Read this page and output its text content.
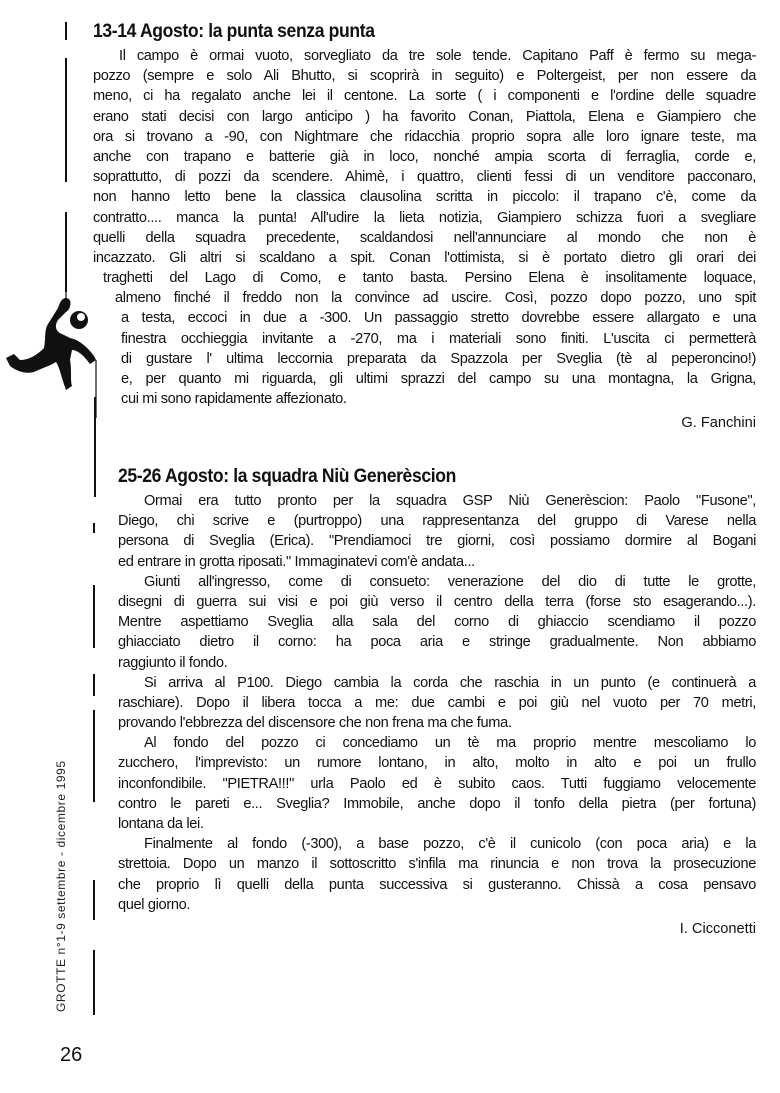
13-14 Agosto: la punta senza punta
Il campo è ormai vuoto, sorvegliato da tre sole tende. Capitano Paff è fermo su mega-
pozzo (sempre e solo Ali Bhutto, si scoprirà in seguito) e Poltergeist, per non essere da
meno, ci ha regalato anche lei il centone. La sorte ( i componenti e l'ordine delle squadre
erano stati decisi con largo anticipo ) ha favorito Conan, Piattola, Elena e Giampiero che
ora si trovano a -90, con Nightmare che ridacchia proprio sopra alle loro ignare teste, ma
anche con trapano e batterie già in loco, nonché ampia scorta di ferraglia, corde e,
soprattutto, di pozzi da scendere. Ahimè, i quattro, clienti fessi di un venditore pacconaro,
non hanno letto bene la classica clausolina scritta in piccolo: il trapano c'è, come da
contratto.... manca la punta! All'udire la lieta notizia, Giampiero schizza fuori a svegliare
quelli della squadra precedente, scaldandosi nell'annunciare al mondo che non è
incazzato. Gli altri si scaldano a spit. Conan l'ottimista, si è portato dietro gli orari dei
traghetti del Lago di Como, e tanto basta. Persino Elena è insolitamente loquace,
almeno finché il freddo non la convince ad uscire. Così, pozzo dopo pozzo, uno spit
a testa, eccoci in due a -300. Un passaggio stretto dovrebbe essere allargato e una
finestra occhieggia invitante a -270, ma i materiali sono finiti. L'uscita ci permetterà
di gustare l' ultima leccornia preparata da Spazzola per Sveglia (tè al peperoncino!)
e, per quanto mi riguarda, gli ultimi sprazzi del campo su una montagna, la Grigna,
cui mi sono rapidamente affezionato.
G. Fanchini
25-26 Agosto: la squadra Niù Generèscion
Ormai era tutto pronto per la squadra GSP Niù Generèscion: Paolo "Fusone",
Diego, chi scrive e (purtroppo) una rappresentanza del gruppo di Varese nella
persona di Sveglia (Erica). "Prendiamoci tre giorni, così possiamo dormire al Bogani
ed entrare in grotta riposati." Immaginatevi com'è andata...
Giunti all'ingresso, come di consueto: venerazione del dio di tutte le grotte,
disegni di guerra sui visi e poi giù verso il centro della terra (forse sto esagerando...).
Mentre aspettiamo Sveglia alla sala del corno di ghiaccio scendiamo il pozzo
ghiacciato dietro il corno: ha poca aria e stringe gradualmente. Non abbiamo
raggiunto il fondo.
Si arriva al P100. Diego cambia la corda che raschia in un punto (e continuerà a
raschiare). Dopo il libera tocca a me: due cambi e poi giù nel vuoto per 70 metri,
provando l'ebbrezza del discensore che non frena ma che fuma.
Al fondo del pozzo ci concediamo un tè ma proprio mentre mescoliamo lo
zucchero, l'imprevisto: un rumore lontano, in alto, molto in alto e poi un frullo
inconfondibile. "PIETRA!!!" urla Paolo ed è subito caos. Tutti fuggiamo velocemente
contro le pareti e... Sveglia? Immobile, anche dopo il tonfo della pietra (per fortuna)
lontana da lei.
Finalmente al fondo (-300), a base pozzo, c'è il cunicolo (con poca aria) e la
strettoia. Dopo un manzo il sottoscritto s'infila ma rinuncia e non trova la prosecuzione
che proprio lì quelli della punta successiva si gusteranno. Chissà a cosa pensavo
quel giorno.
I. Cicconetti
GROTTE n°1-9 settembre - dicembre 1995
26
